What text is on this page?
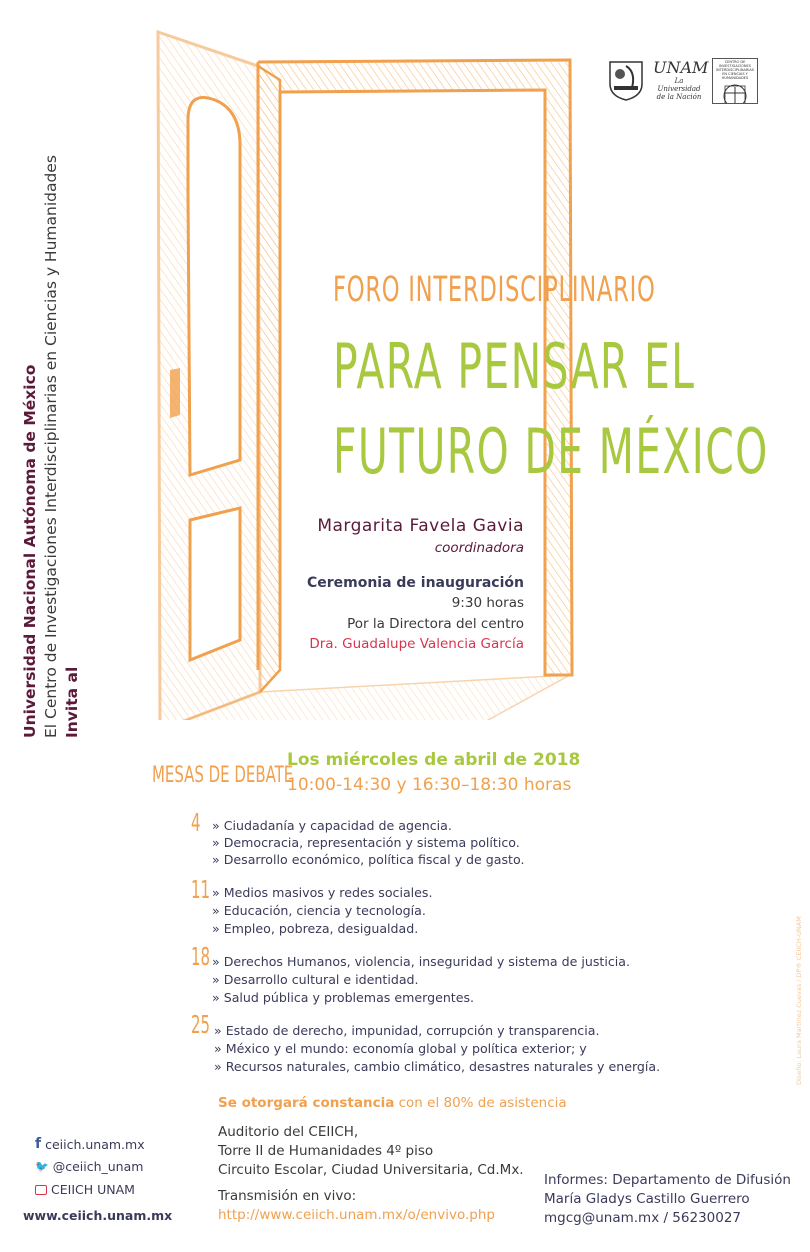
Universidad Nacional Autónoma de México El Centro de Investigaciones Interdisciplinarias en Ciencias y Humanidades Invita al
UNAM
La Universidad de la Nación
CENTRO DE INVESTIGACIONES INTERDISCIPLINARIAS EN CIENCIAS Y HUMANIDADES
FORO INTERDISCIPLINARIO
PARA PENSAR EL
FUTURO DE MÉXICO
Margarita Favela Gavia
coordinadora
Ceremonia de inauguración
9:30 horas
Por la Directora del centro
Dra. Guadalupe Valencia García
MESAS DE DEBATE
Los miércoles de abril de 2018
10:00-14:30 y 16:30–18:30 horas
4 » Ciudadanía y capacidad de agencia.
» Democracia, representación y sistema político.
» Desarrollo económico, política fiscal y de gasto.
11 » Medios masivos y redes sociales.
» Educación, ciencia y tecnología.
» Empleo, pobreza, desigualdad.
18 » Derechos Humanos, violencia, inseguridad y sistema de justicia.
» Desarrollo cultural e identidad.
» Salud pública y problemas emergentes.
25 » Estado de derecho, impunidad, corrupción y transparencia.
» México y el mundo: economía global y política exterior; y
» Recursos naturales, cambio climático, desastres naturales y energía.
Se otorgará constancia con el 80% de asistencia
Auditorio del CEIICH,
Torre II de Humanidades 4º piso
Circuito Escolar, Ciudad Universitaria, Cd.Mx.
Transmisión en vivo:
http://www.ceiich.unam.mx/o/envivo.php
Informes: Departamento de Difusión
María Gladys Castillo Guerrero
mgcg@unam.mx / 56230027
f ceiich.unam.mx
🐦 @ceiich_unam
CEIICH UNAM
www.ceiich.unam.mx
Diseño: Laura Martínez Cuevas / DP® CEIICH-UNAM
